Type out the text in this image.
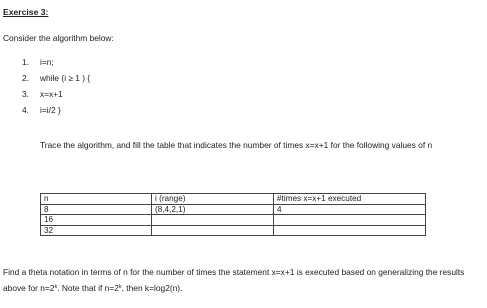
Exercise 3:
Consider the algorithm below:
1. i=n;
2. while (i ≥ 1 ) {
3. x=x+1
4. i=i/2 }
Trace the algorithm, and fill the table that indicates the number of times x=x+1 for the following values of n
n	i (range)	#times x=x+1 executed
8	(8,4,2,1)	4
16		
32		
Find a theta notation in terms of n for the number of times the statement x=x+1 is executed based on generalizing the results above for $n=2^k$. Note that if $n=2^k$, then k=log2(n).
